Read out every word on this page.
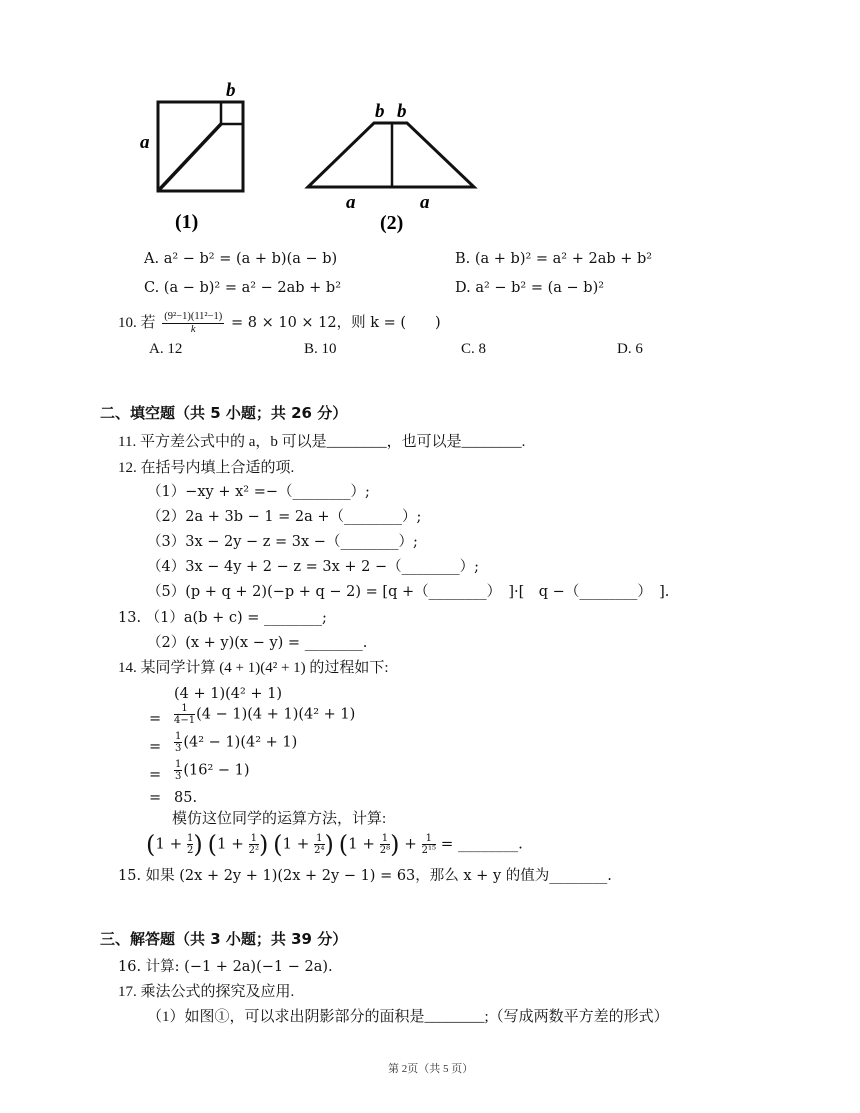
b
a
(1)
b b
a	a
(2)
A. a² − b² = (a + b)(a − b)	B. (a + b)² = a² + 2ab + b²
C. (a − b)² = a² − 2ab + b²	D. a² − b² = (a − b)²
10. 若 $\frac{\text{(9²−1)(11²−1)}}{k} = 8 \times 10 \times 12$，则 k = (　　)
A. 12	B. 10	C. 8	D. 6
二、填空题（共 5 小题；共 26 分）
11. 平方差公式中的 a，b 可以是________，也可以是________.
12. 在括号内填上合适的项.
（1）−xy + x² =−（________）;
（2）2a + 3b − 1 = 2a +（________）;
（3）3x − 2y − z = 3x −（________）;
（4）3x − 4y + 2 − z = 3x + 2 −（________）;
（5）(p + q + 2)(−p + q − 2) = [q +（________）　]·[　q −（________）　].
13. （1）a(b + c) = ________;
（2）(x + y)(x − y) = ________.
14. 某同学计算 (4 + 1)(4² + 1) 的过程如下:
(4 + 1)(4² + 1)
= $\frac{1}{4-1} (4 - 1)(4 + 1)(4^2 + 1)$
= $\frac{1}{3} (4^2 - 1)(4^2 + 1)$
= $\frac{1}{3} (16^2 - 1)$
= 85.
模仿这位同学的运算方法，计算:
($1 + \frac{1}{2}$ ) ($1 + \frac{1}{\text{2²}}$ ) ($1 + \frac{1}{\text{2⁴}}$ ) ($1 + \frac{1}{\text{2⁸}}$ ) + $\frac{1}{\text{2¹⁵}}$ = ________.
15. 如果 (2x + 2y + 1)(2x + 2y − 1) = 63，那么 x + y 的值为________.
三、解答题（共 3 小题；共 39 分）
16. 计算: (−1 + 2a)(−1 − 2a).
17. 乘法公式的探究及应用.
（1）如图①，可以求出阴影部分的面积是________;（写成两数平方差的形式）
第 2页（共 5 页）
